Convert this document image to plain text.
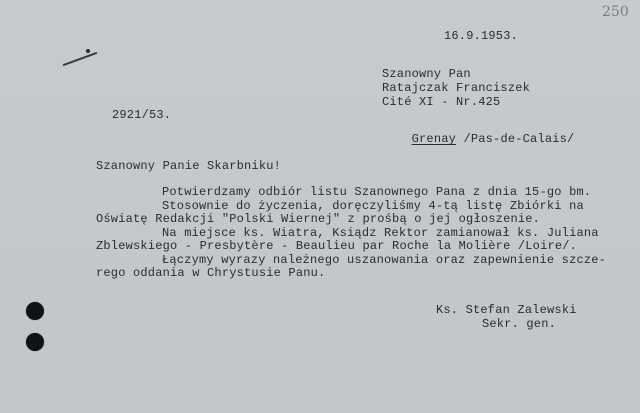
250
16.9.1953.
Szanowny Pan
Ratajczak Franciszek
Cité XI - Nr.425

Grenay /Pas-de-Calais/

2921/53.
Szanowny Panie Skarbniku!
Potwierdzamy odbiór listu Szanownego Pana z dnia 15-go bm.
Stosownie do życzenia, doręczyliśmy 4-tą listę Zbiórki na
Oświatę Redakcji "Polski Wiernej" z prośbą o jej ogłoszenie.
Na miejsce ks. Wiatra, Ksiądz Rektor zamianował ks. Juliana
Zblewskiego - Presbytère - Beaulieu par Roche la Molière /Loire/.
Łączymy wyrazy należnego uszanowania oraz zapewnienie szcze-
rego oddania w Chrystusie Panu.
Ks. Stefan Zalewski
Sekr. gen.
